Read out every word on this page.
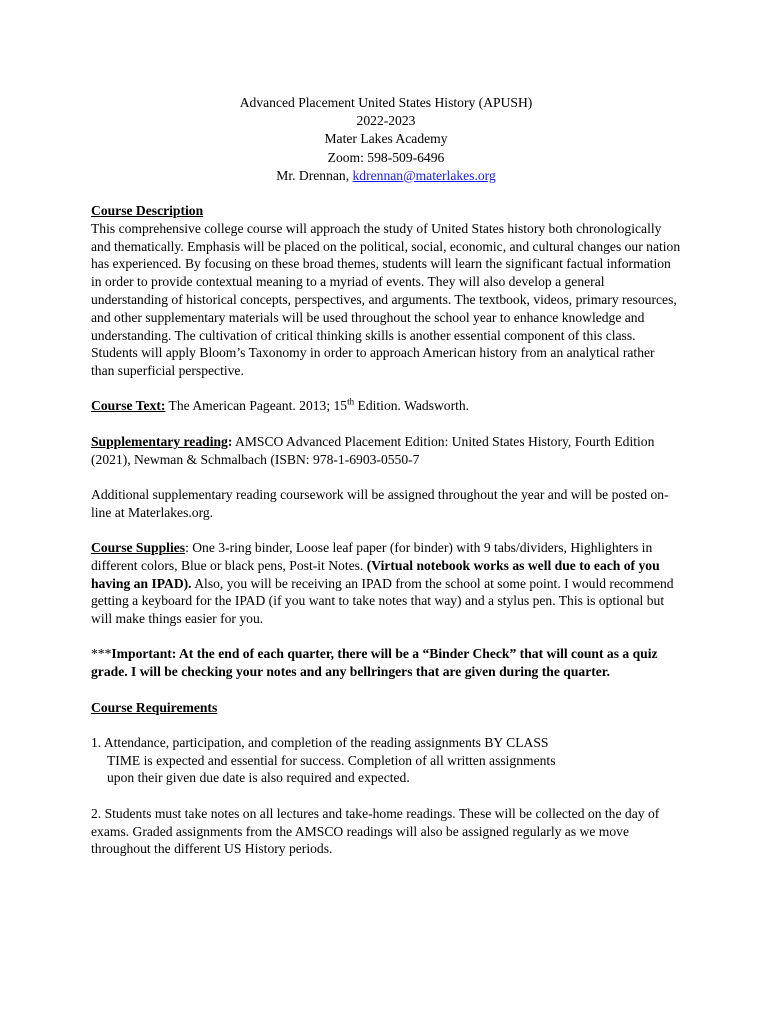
Advanced Placement United States History (APUSH)
2022-2023
Mater Lakes Academy
Zoom: 598-509-6496
Mr. Drennan, kdrennan@materlakes.org

Course Description

This comprehensive college course will approach the study of United States history both chronologically and thematically. Emphasis will be placed on the political, social, economic, and cultural changes our nation has experienced. By focusing on these broad themes, students will learn the significant factual information in order to provide contextual meaning to a myriad of events. They will also develop a general understanding of historical concepts, perspectives, and arguments. The textbook, videos, primary resources, and other supplementary materials will be used throughout the school year to enhance knowledge and understanding. The cultivation of critical thinking skills is another essential component of this class. Students will apply Bloom’s Taxonomy in order to approach American history from an analytical rather than superficial perspective.

Course Text: The American Pageant. 2013; 15th Edition. Wadsworth.

Supplementary reading: AMSCO Advanced Placement Edition: United States History, Fourth Edition (2021), Newman & Schmalbach (ISBN: 978-1-6903-0550-7

Additional supplementary reading coursework will be assigned throughout the year and will be posted on-line at Materlakes.org.

Course Supplies: One 3-ring binder, Loose leaf paper (for binder) with 9 tabs/dividers, Highlighters in different colors, Blue or black pens, Post-it Notes. (Virtual notebook works as well due to each of you having an IPAD). Also, you will be receiving an IPAD from the school at some point. I would recommend getting a keyboard for the IPAD (if you want to take notes that way) and a stylus pen. This is optional but will make things easier for you.

***Important: At the end of each quarter, there will be a “Binder Check” that will count as a quiz grade. I will be checking your notes and any bellringers that are given during the quarter.

Course Requirements

1. Attendance, participation, and completion of the reading assignments BY CLASS

TIME is expected and essential for success. Completion of all written assignments

upon their given due date is also required and expected.

2. Students must take notes on all lectures and take-home readings. These will be collected on the day of exams. Graded assignments from the AMSCO readings will also be assigned regularly as we move throughout the different US History periods.
